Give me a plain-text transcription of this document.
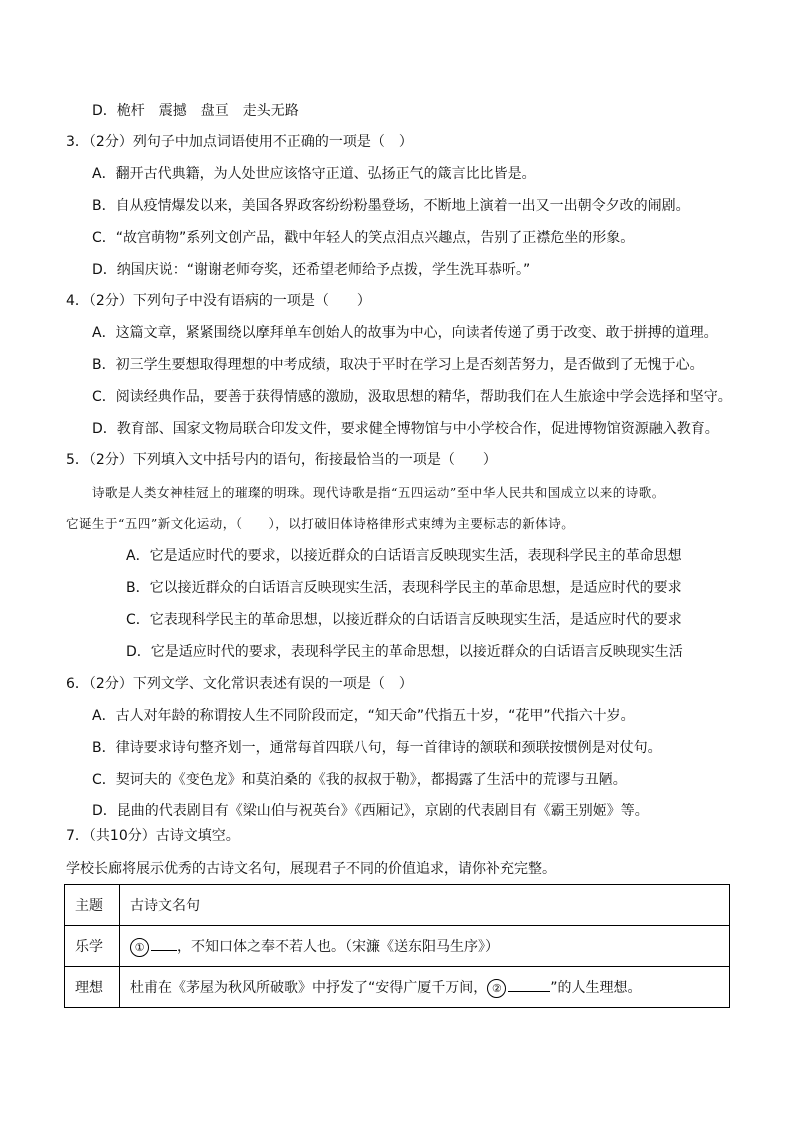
D．桅杆　震撼　盘亘　走头无路
3．（2分）列句子中加点词语使用不正确的一项是（　）
A．翻开古代典籍，为人处世应该恪守正道、弘扬正气的箴言比比皆是。
B．自从疫情爆发以来，美国各界政客纷纷粉墨登场，不断地上演着一出又一出朝令夕改的闹剧。
C．“故宫萌物”系列文创产品，戳中年轻人的笑点泪点兴趣点，告别了正襟危坐的形象。
D．纳国庆说：“谢谢老师夸奖，还希望老师给予点拨，学生洗耳恭听。”
4．（2分）下列句子中没有语病的一项是（　　）
A．这篇文章，紧紧围绕以摩拜单车创始人的故事为中心，向读者传递了勇于改变、敢于拼搏的道理。
B．初三学生要想取得理想的中考成绩，取决于平时在学习上是否刻苦努力，是否做到了无愧于心。
C．阅读经典作品，要善于获得情感的激励，汲取思想的精华，帮助我们在人生旅途中学会选择和坚守。
D．教育部、国家文物局联合印发文件，要求健全博物馆与中小学校合作，促进博物馆资源融入教育。
5．（2分）下列填入文中括号内的语句，衔接最恰当的一项是（　　）
诗歌是人类女神桂冠上的璀璨的明珠。现代诗歌是指“五四运动”至中华人民共和国成立以来的诗歌。
它诞生于“五四”新文化运动，（　　），以打破旧体诗格律形式束缚为主要标志的新体诗。
A．它是适应时代的要求，以接近群众的白话语言反映现实生活，表现科学民主的革命思想
B．它以接近群众的白话语言反映现实生活，表现科学民主的革命思想，是适应时代的要求
C．它表现科学民主的革命思想，以接近群众的白话语言反映现实生活，是适应时代的要求
D．它是适应时代的要求，表现科学民主的革命思想，以接近群众的白话语言反映现实生活
6．（2分）下列文学、文化常识表述有误的一项是（　）
A．古人对年龄的称谓按人生不同阶段而定，“知天命”代指五十岁，“花甲”代指六十岁。
B．律诗要求诗句整齐划一，通常每首四联八句，每一首律诗的颔联和颈联按惯例是对仗句。
C．契诃夫的《变色龙》和莫泊桑的《我的叔叔于勒》，都揭露了生活中的荒谬与丑陋。
D．昆曲的代表剧目有《梁山伯与祝英台》《西厢记》，京剧的代表剧目有《霸王别姬》等。
7．（共10分）古诗文填空。
学校长廊将展示优秀的古诗文名句，展现君子不同的价值追求，请你补充完整。
主题	古诗文名句
乐学	① ，不知口体之奉不若人也。（宋濂《送东阳马生序》）
理想	杜甫在《茅屋为秋风所破歌》中抒发了“安得广厦千万间， ② ”的人生理想。
